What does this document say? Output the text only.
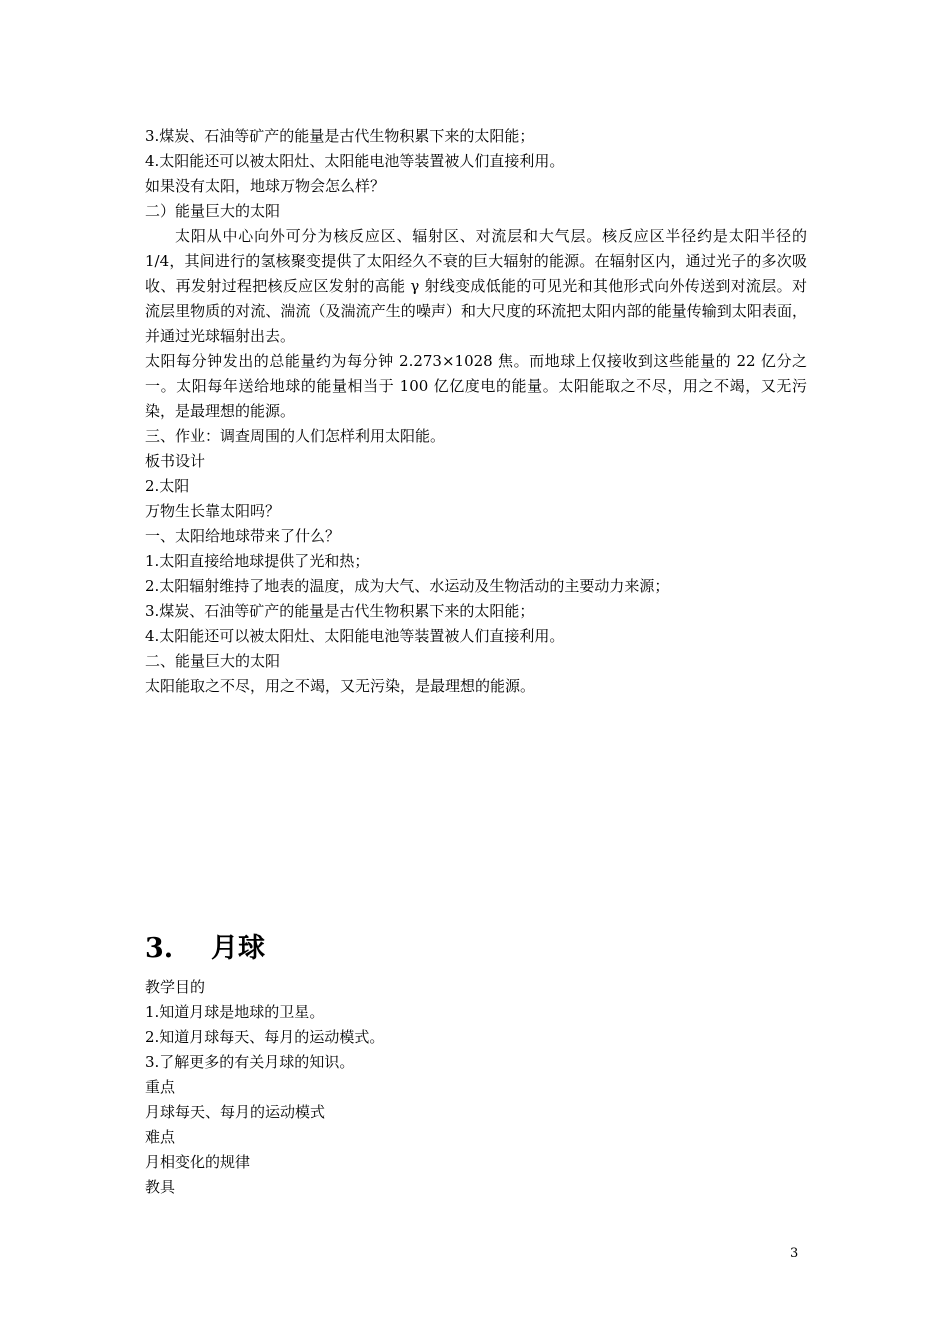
3.煤炭、石油等矿产的能量是古代生物积累下来的太阳能；
4.太阳能还可以被太阳灶、太阳能电池等装置被人们直接利用。
如果没有太阳，地球万物会怎么样？
二）能量巨大的太阳
太阳从中心向外可分为核反应区、辐射区、对流层和大气层。核反应区半径约是太阳半径的 1/4，其间进行的氢核聚变提供了太阳经久不衰的巨大辐射的能源。在辐射区内，通过光子的多次吸收、再发射过程把核反应区发射的高能 γ 射线变成低能的可见光和其他形式向外传送到对流层。对流层里物质的对流、湍流（及湍流产生的噪声）和大尺度的环流把太阳内部的能量传输到太阳表面，并通过光球辐射出去。
太阳每分钟发出的总能量约为每分钟 2.273×1028 焦。而地球上仅接收到这些能量的 22 亿分之一。太阳每年送给地球的能量相当于 100 亿亿度电的能量。太阳能取之不尽，用之不竭，又无污染，是最理想的能源。
三、作业：调查周围的人们怎样利用太阳能。
板书设计
2.太阳
万物生长靠太阳吗？
一、太阳给地球带来了什么？
1.太阳直接给地球提供了光和热；
2.太阳辐射维持了地表的温度，成为大气、水运动及生物活动的主要动力来源；
3.煤炭、石油等矿产的能量是古代生物积累下来的太阳能；
4.太阳能还可以被太阳灶、太阳能电池等装置被人们直接利用。
二、能量巨大的太阳
太阳能取之不尽，用之不竭，又无污染，是最理想的能源。
3.	月球
教学目的
1.知道月球是地球的卫星。
2.知道月球每天、每月的运动模式。
3.了解更多的有关月球的知识。
重点
月球每天、每月的运动模式
难点
月相变化的规律
教具
3
